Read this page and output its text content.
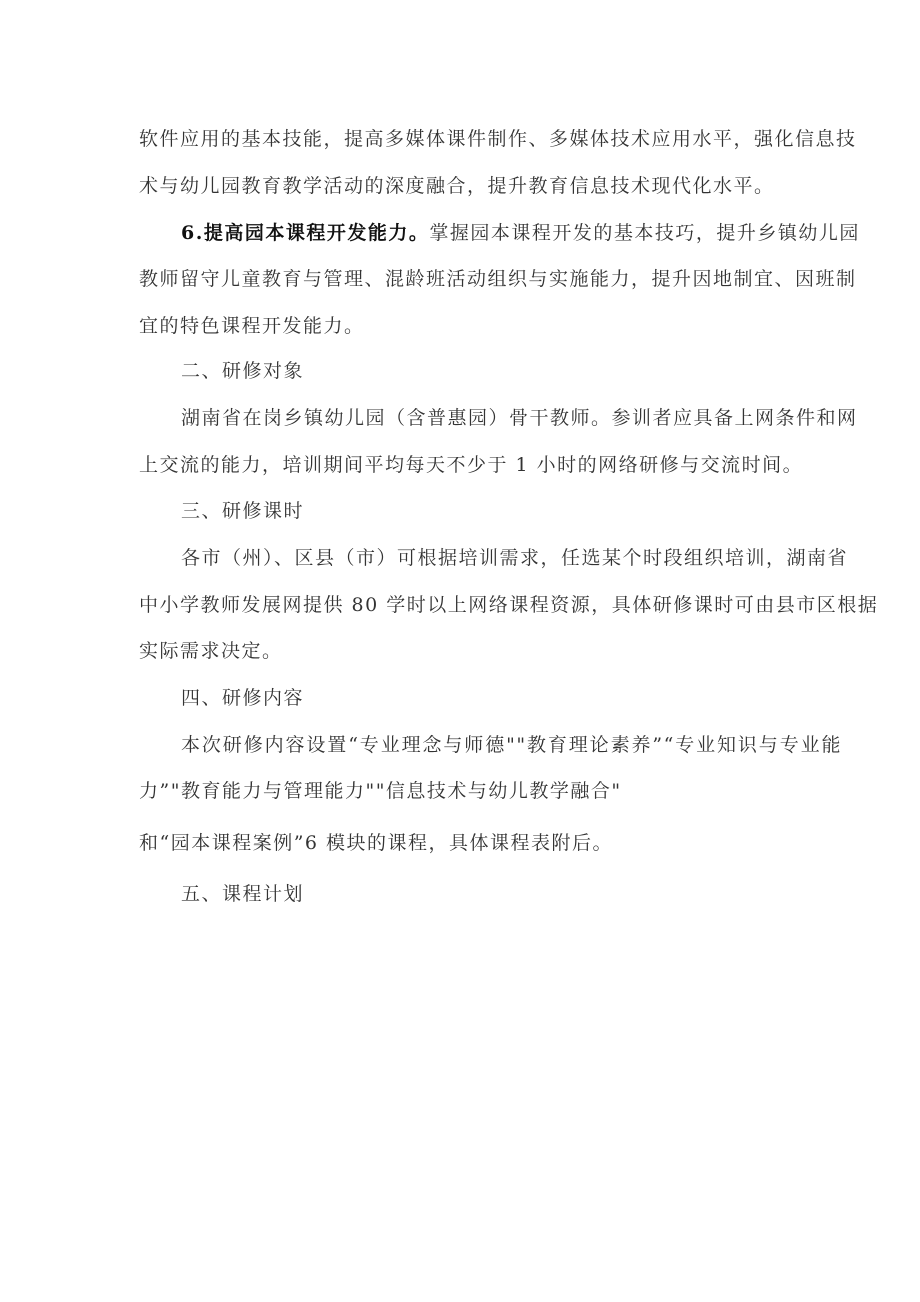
软件应用的基本技能，提高多媒体课件制作、多媒体技术应用水平，强化信息技
术与幼儿园教育教学活动的深度融合，提升教育信息技术现代化水平。
6.提高园本课程开发能力。掌握园本课程开发的基本技巧，提升乡镇幼儿园
教师留守儿童教育与管理、混龄班活动组织与实施能力，提升因地制宜、因班制
宜的特色课程开发能力。
二、研修对象
湖南省在岗乡镇幼儿园（含普惠园）骨干教师。参训者应具备上网条件和网
上交流的能力，培训期间平均每天不少于 1 小时的网络研修与交流时间。
三、研修课时
各市（州）、区县（市）可根据培训需求，任选某个时段组织培训，湖南省
中小学教师发展网提供 80 学时以上网络课程资源，具体研修课时可由县市区根据
实际需求决定。
四、研修内容
本次研修内容设置“专业理念与师德""教育理论素养”“专业知识与专业能
力”"教育能力与管理能力""信息技术与幼儿教学融合"
和“园本课程案例”6 模块的课程，具体课程表附后。
五、课程计划
